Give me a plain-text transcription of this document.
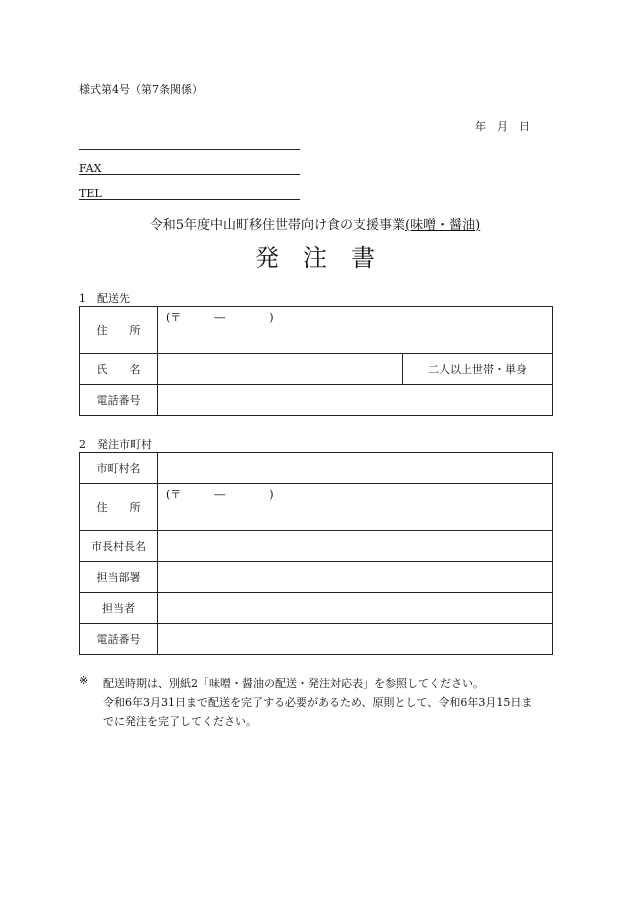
様式第4号（第7条関係）
年　月　日
FAX
TEL
令和5年度中山町移住世帯向け食の支援事業(味噌・醤油)
発　注　書
1　配送先
住　　所	(〒　　　―　　　　)	

氏　　名		二人以上世帯・単身
電話番号		
2　発注市町村
市町村名	
住　　所	(〒　　　―　　　　)

市長村長名	
担当部署	
担当者	
電話番号	
※ 配送時期は、別紙2「味噌・醤油の配送・発注対応表」を参照してください。
令和6年3月31日まで配送を完了する必要があるため、原則として、令和6年3月15日ま
でに発注を完了してください。
